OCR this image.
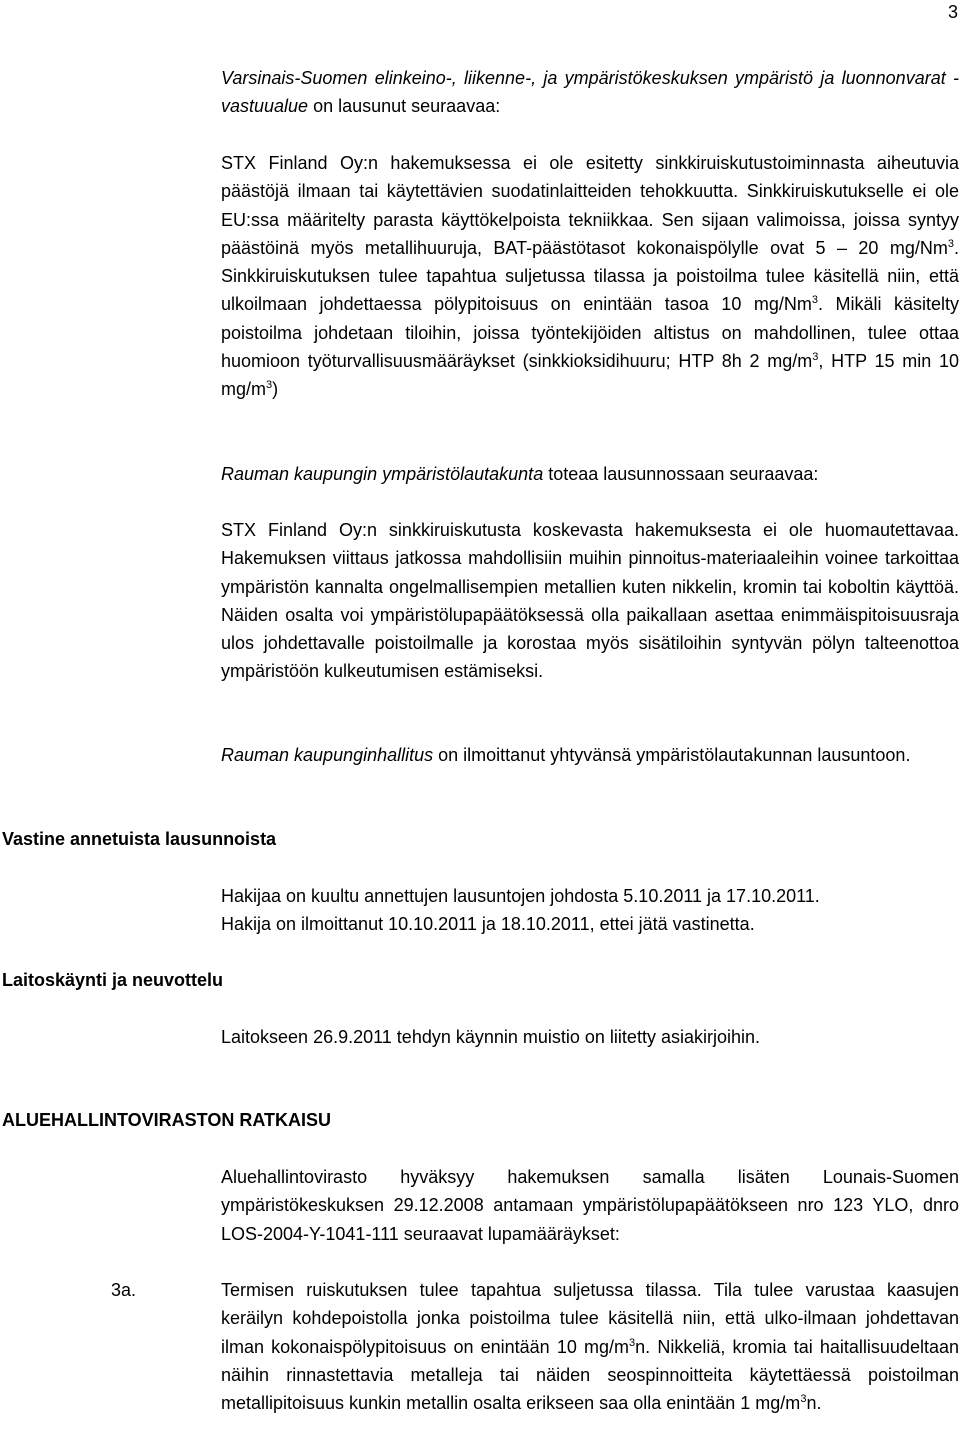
3

Varsinais-Suomen elinkeino-, liikenne-, ja ympäristökeskuksen ympäristö ja luonnonvarat -vastuualue on lausunut seuraavaa:

STX Finland Oy:n hakemuksessa ei ole esitetty sinkkiruiskutustoiminnasta aiheutuvia päästöjä ilmaan tai käytettävien suodatinlaitteiden tehokkuutta. Sinkkiruiskutukselle ei ole EU:ssa määritelty parasta käyttökelpoista tekniikkaa. Sen sijaan valimoissa, joissa syntyy päästöinä myös metallihuuruja, BAT-päästötasot kokonaispölylle ovat 5 – 20 mg/Nm$^3$. Sinkkiruiskutuksen tulee tapahtua suljetussa tilassa ja poistoilma tulee käsitellä niin, että ulkoilmaan johdettaessa pölypitoisuus on enintään tasoa 10 mg/Nm$^3$. Mikäli käsitelty poistoilma johdetaan tiloihin, joissa työntekijöiden altistus on mahdollinen, tulee ottaa huomioon työturvallisuusmääräykset (sinkkioksidihuuru; HTP 8h 2 $mg/m^3$, HTP 15 min 10 $mg/m^3$)

Rauman kaupungin ympäristölautakunta toteaa lausunnossaan seuraavaa:

STX Finland Oy:n sinkkiruiskutusta koskevasta hakemuksesta ei ole huomautettavaa. Hakemuksen viittaus jatkossa mahdollisiin muihin pinnoitus-materiaaleihin voinee tarkoittaa ympäristön kannalta ongelmallisempien metallien kuten nikkelin, kromin tai koboltin käyttöä. Näiden osalta voi ympäristölupapäätöksessä olla paikallaan asettaa enimmäispitoisuusraja ulos johdettavalle poistoilmalle ja korostaa myös sisätiloihin syntyvän pölyn talteenottoa ympäristöön kulkeutumisen estämiseksi.

Rauman kaupunginhallitus on ilmoittanut yhtyvänsä ympäristölautakunnan lausuntoon.

Vastine annetuista lausunnoista

Hakijaa on kuultu annettujen lausuntojen johdosta 5.10.2011 ja 17.10.2011.
Hakija on ilmoittanut 10.10.2011 ja 18.10.2011, ettei jätä vastinetta.

Laitoskäynti ja neuvottelu

Laitokseen 26.9.2011 tehdyn käynnin muistio on liitetty asiakirjoihin.

ALUEHALLINTOVIRASTON RATKAISU

Aluehallintovirasto hyväksyy hakemuksen samalla lisäten Lounais-Suomen ympäristökeskuksen 29.12.2008 antamaan ympäristölupapäätökseen nro 123 YLO, dnro LOS-2004-Y-1041-111 seuraavat lupamääräykset:

3a.	Termisen ruiskutuksen tulee tapahtua suljetussa tilassa. Tila tulee varustaa kaasujen keräilyn kohdepoistolla jonka poistoilma tulee käsitellä niin, että ulko-ilmaan johdettavan ilman kokonaispölypitoisuus on enintään 10 $mg/m^3n$. Nikkeliä, kromia tai haitallisuudeltaan näihin rinnastettavia metalleja tai näiden seospinnoitteita käytettäessä poistoilman metallipitoisuus kunkin metallin osalta erikseen saa olla enintään 1 $mg/m^3n$.
